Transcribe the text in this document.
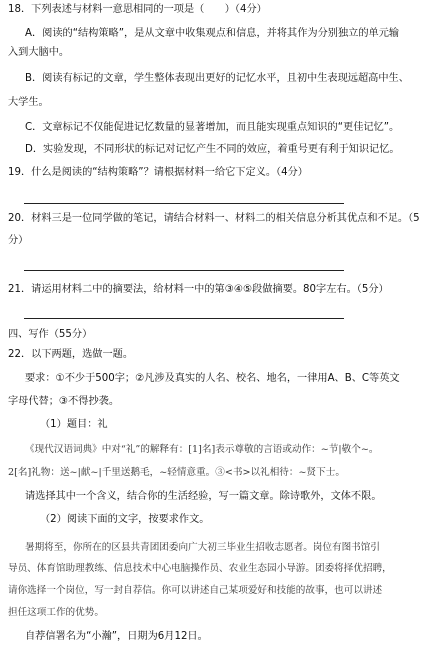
18．下列表述与材料一意思相同的一项是（　　）（4分）
A．阅读的“结构策略”，是从文章中收集观点和信息，并将其作为分别独立的单元输
入到大脑中。
B．阅读有标记的文章，学生整体表现出更好的记忆水平，且初中生表现远超高中生、
大学生。
C．文章标记不仅能促进记忆数量的显著增加，而且能实现重点知识的“更佳记忆”。
D．实验发现，不同形状的标记对记忆产生不同的效应，着重号更有利于知识记忆。
19．什么是阅读的“结构策略”？请根据材料一给它下定义。（4分）
20．材料三是一位同学做的笔记，请结合材料一、材料二的相关信息分析其优点和不足。（5
分）
21．请运用材料二中的摘要法，给材料一中的第③④⑤段做摘要。80字左右。（5分）
四、写作（55分）
22．以下两题，选做一题。
要求：①不少于500字；②凡涉及真实的人名、校名、地名，一律用A、B、C等英文
字母代替；③不得抄袭。
（1）题目：礼
《现代汉语词典》中对“礼”的解释有：[1]名]表示尊敬的言语或动作：~节|敬个~。
2[名]礼物：送~|献~|千里送鹅毛，~轻情意重。③<书>以礼相待：~贤下士。
请选择其中一个含义，结合你的生活经验，写一篇文章。除诗歌外，文体不限。
（2）阅读下面的文字，按要求作文。
暑期将至，你所在的区县共青团团委向广大初三毕业生招收志愿者。岗位有图书馆引
导员、体育馆助理教练、信息技术中心电脑操作员、农业生态园小导游。团委将择优招聘，
请你选择一个岗位，写一封自荐信。你可以讲述自己某项爱好和技能的故事，也可以讲述
担任这项工作的优势。
自荐信署名为“小瀚”，日期为6月12日。
